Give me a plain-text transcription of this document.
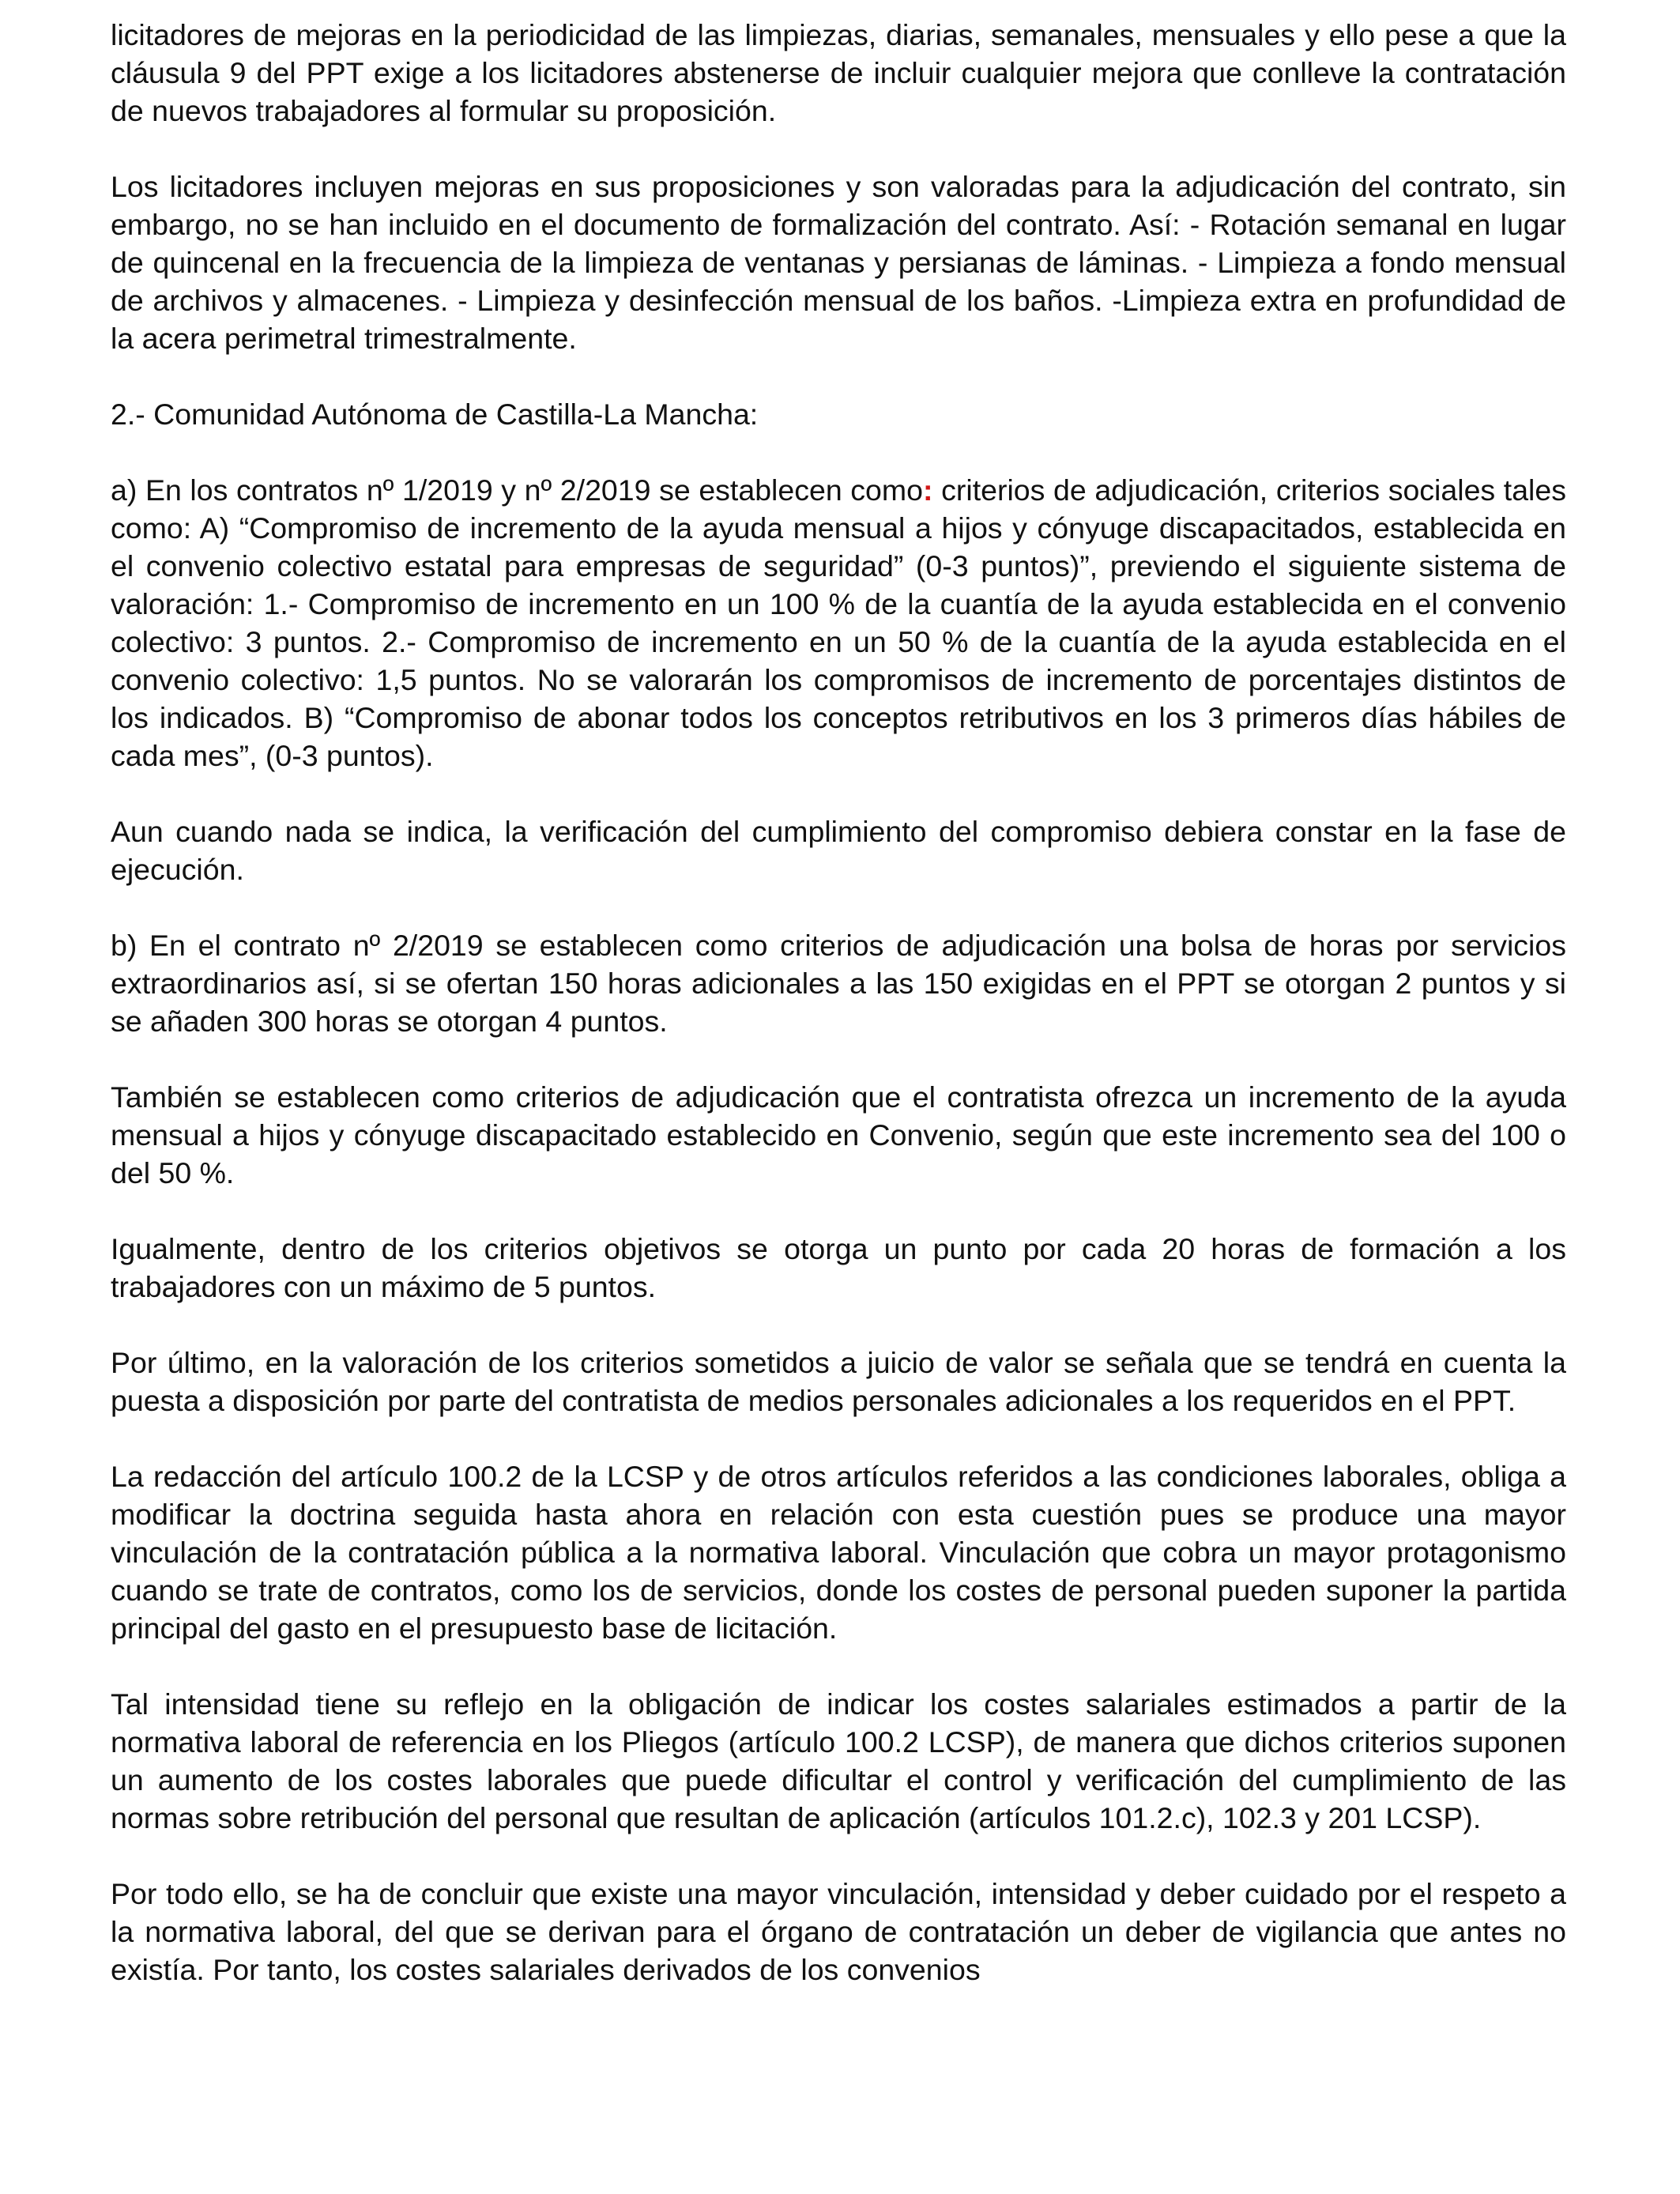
licitadores de mejoras en la periodicidad de las limpiezas, diarias, semanales, mensuales y ello pese a que la cláusula 9 del PPT exige a los licitadores abstenerse de incluir cualquier mejora que conlleve la contratación de nuevos trabajadores al formular su proposición.

Los licitadores incluyen mejoras en sus proposiciones y son valoradas para la adjudicación del contrato, sin embargo, no se han incluido en el documento de formalización del contrato. Así: - Rotación semanal en lugar de quincenal en la frecuencia de la limpieza de ventanas y persianas de láminas. - Limpieza a fondo mensual de archivos y almacenes. - Limpieza y desinfección mensual de los baños. -Limpieza extra en profundidad de la acera perimetral trimestralmente.

2.- Comunidad Autónoma de Castilla-La Mancha:

a) En los contratos nº 1/2019 y nº 2/2019 se establecen como: criterios de adjudicación, criterios sociales tales como: A) “Compromiso de incremento de la ayuda mensual a hijos y cónyuge discapacitados, establecida en el convenio colectivo estatal para empresas de seguridad” (0-3 puntos)”, previendo el siguiente sistema de valoración: 1.- Compromiso de incremento en un 100 % de la cuantía de la ayuda establecida en el convenio colectivo: 3 puntos. 2.- Compromiso de incremento en un 50 % de la cuantía de la ayuda establecida en el convenio colectivo: 1,5 puntos. No se valorarán los compromisos de incremento de porcentajes distintos de los indicados. B) “Compromiso de abonar todos los conceptos retributivos en los 3 primeros días hábiles de cada mes”, (0-3 puntos).

Aun cuando nada se indica, la verificación del cumplimiento del compromiso debiera constar en la fase de ejecución.

b) En el contrato nº 2/2019 se establecen como criterios de adjudicación una bolsa de horas por servicios extraordinarios así, si se ofertan 150 horas adicionales a las 150 exigidas en el PPT se otorgan 2 puntos y si se añaden 300 horas se otorgan 4 puntos.

También se establecen como criterios de adjudicación que el contratista ofrezca un incremento de la ayuda mensual a hijos y cónyuge discapacitado establecido en Convenio, según que este incremento sea del 100 o del 50 %.

Igualmente, dentro de los criterios objetivos se otorga un punto por cada 20 horas de formación a los trabajadores con un máximo de 5 puntos.

Por último, en la valoración de los criterios sometidos a juicio de valor se señala que se tendrá en cuenta la puesta a disposición por parte del contratista de medios personales adicionales a los requeridos en el PPT.

La redacción del artículo 100.2 de la LCSP y de otros artículos referidos a las condiciones laborales, obliga a modificar la doctrina seguida hasta ahora en relación con esta cuestión pues se produce una mayor vinculación de la contratación pública a la normativa laboral. Vinculación que cobra un mayor protagonismo cuando se trate de contratos, como los de servicios, donde los costes de personal pueden suponer la partida principal del gasto en el presupuesto base de licitación.

Tal intensidad tiene su reflejo en la obligación de indicar los costes salariales estimados a partir de la normativa laboral de referencia en los Pliegos (artículo 100.2 LCSP), de manera que dichos criterios suponen un aumento de los costes laborales que puede dificultar el control y verificación del cumplimiento de las normas sobre retribución del personal que resultan de aplicación (artículos 101.2.c), 102.3 y 201 LCSP).

Por todo ello, se ha de concluir que existe una mayor vinculación, intensidad y deber cuidado por el respeto a la normativa laboral, del que se derivan para el órgano de contratación un deber de vigilancia que antes no existía. Por tanto, los costes salariales derivados de los convenios
